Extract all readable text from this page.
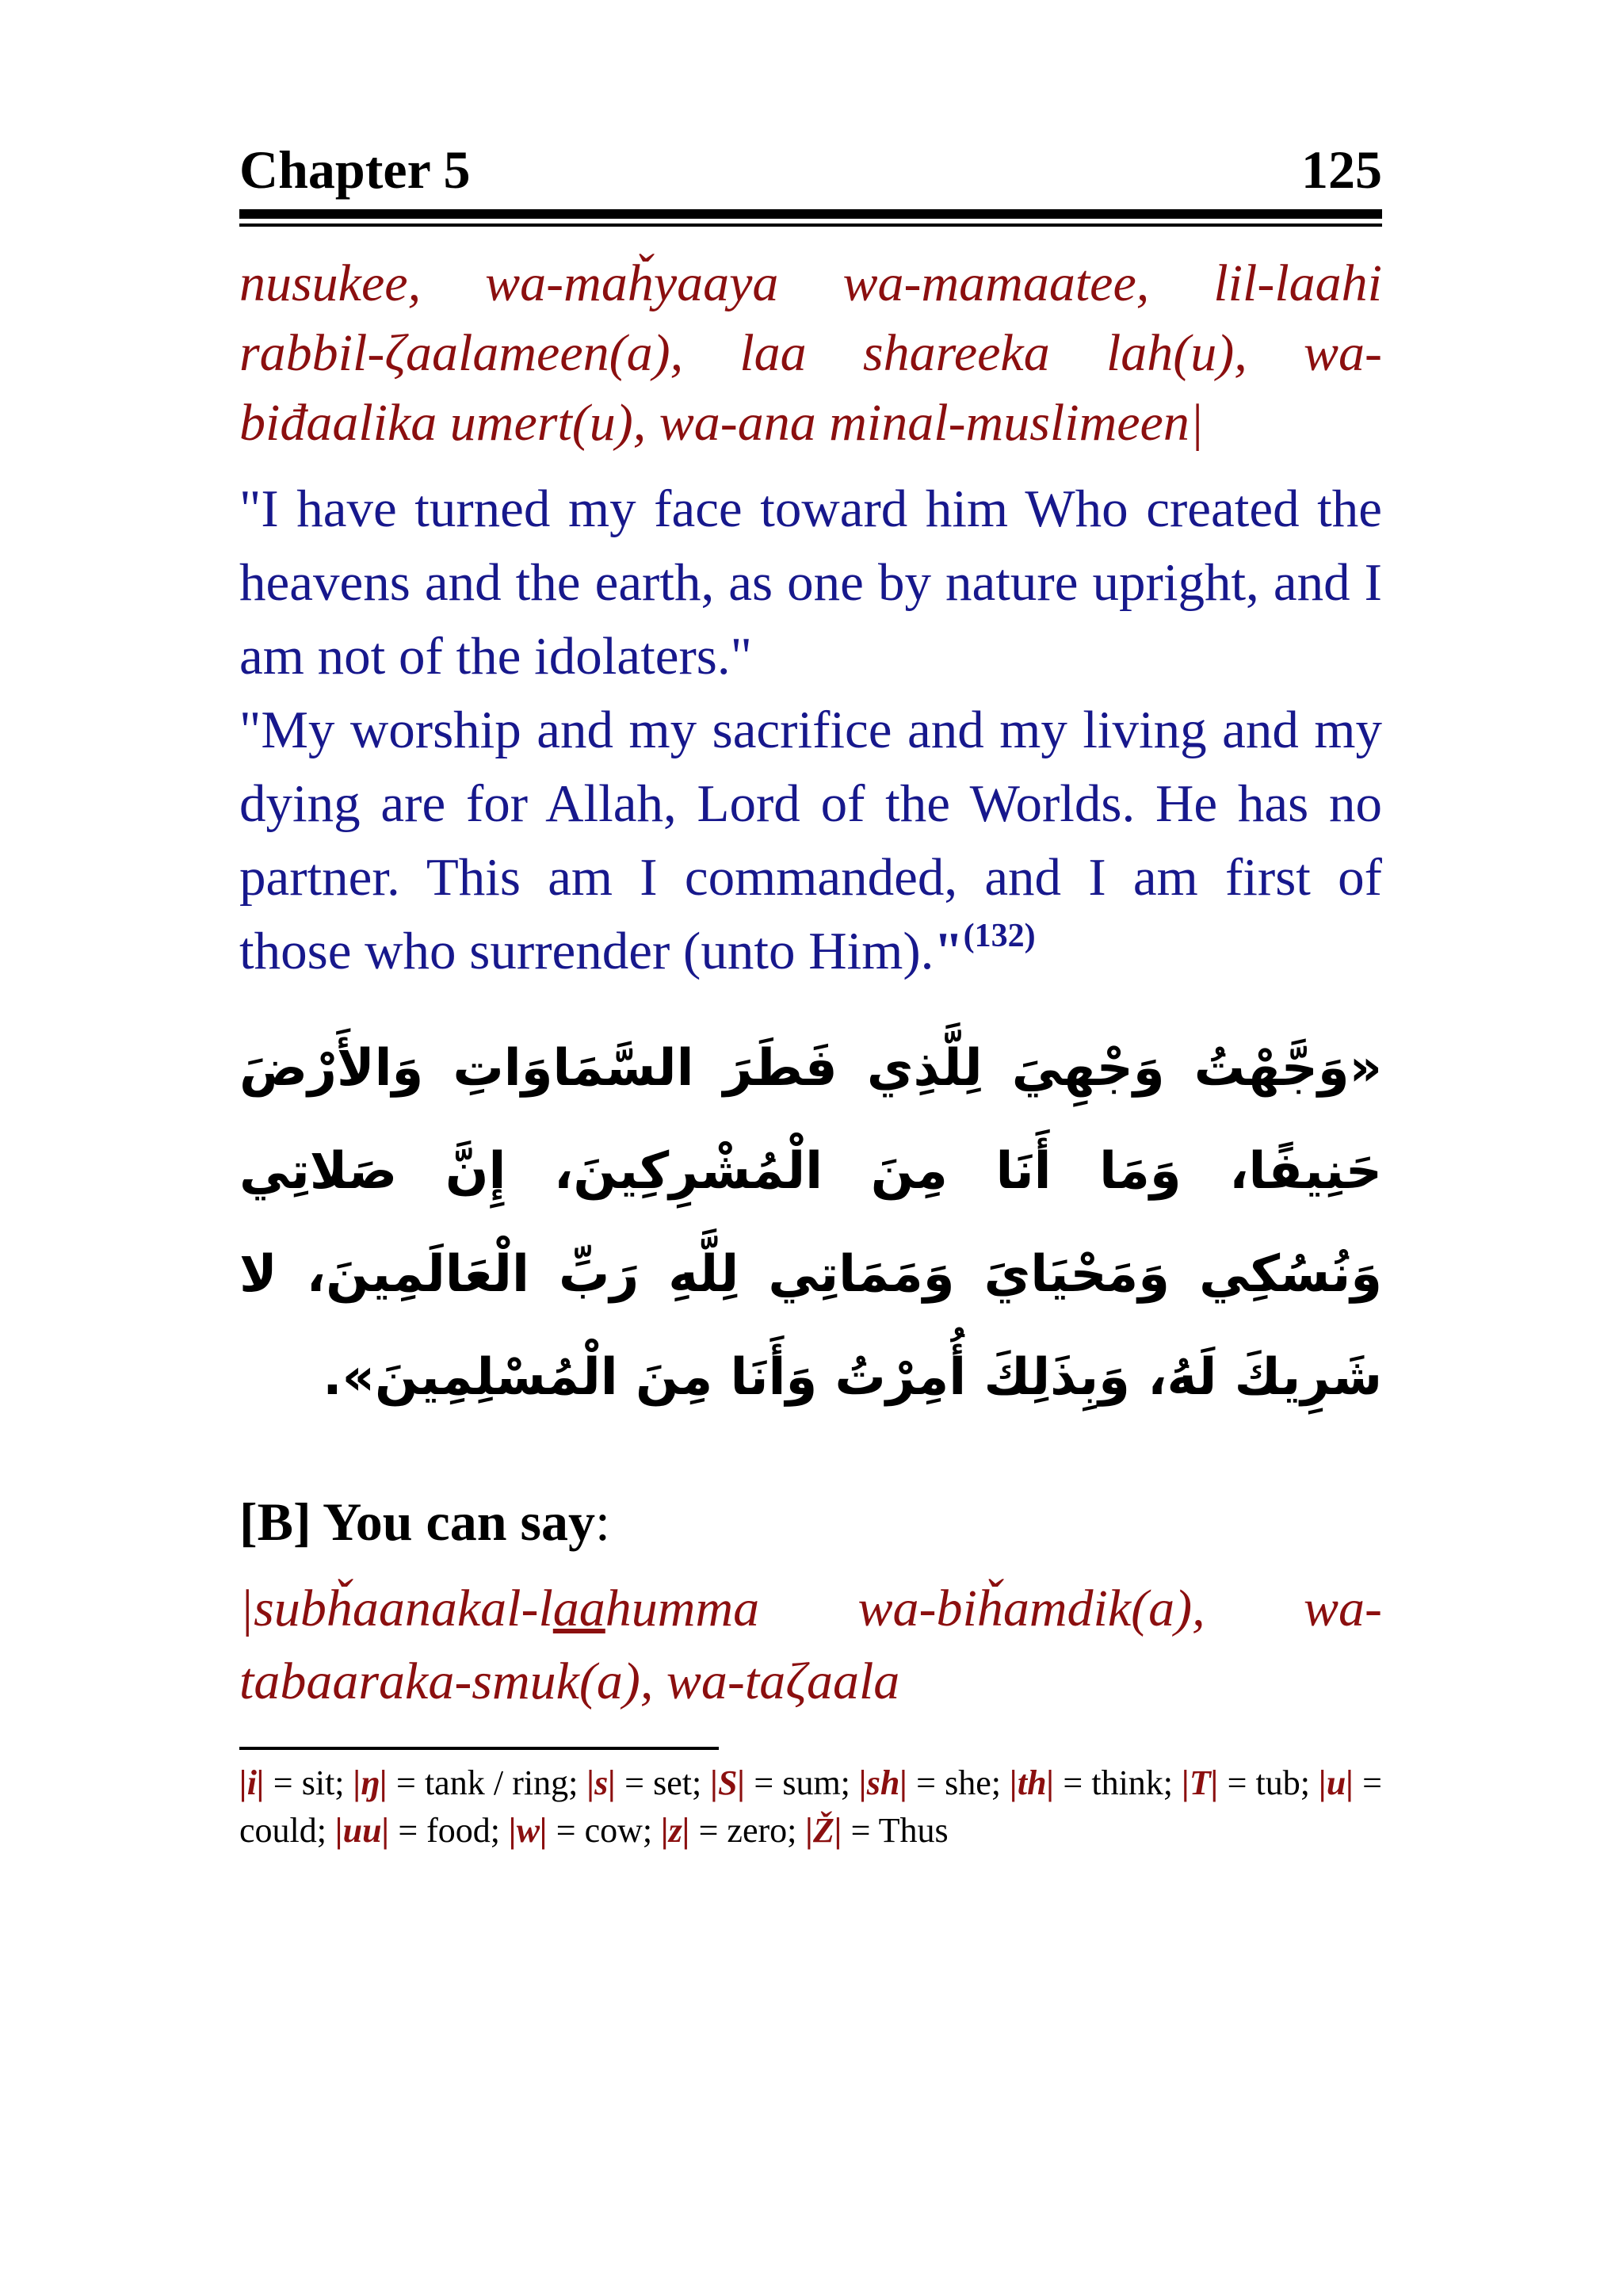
Chapter 5	125
nusukee, wa-maȟyaaya wa-mamaatee, lil-laahi rabbil-ζaalameen(a), laa shareeka lah(u), wa-biđaalika umert(u), wa-ana minal-muslimeen|

"I have turned my face toward him Who created the heavens and the earth, as one by nature upright, and I am not of the idolaters."

"My worship and my sacrifice and my living and my dying are for Allah, Lord of the Worlds. He has no partner. This am I commanded, and I am first of those who surrender (unto Him)."$^{(132)}$

«وَجَّهْتُ وَجْهِيَ لِلَّذِي فَطَرَ السَّمَاوَاتِ وَالأَرْضَ حَنِيفًا، وَمَا أَنَا مِنَ الْمُشْرِكِينَ، إِنَّ صَلاتِي وَنُسُكِي وَمَحْيَايَ وَمَمَاتِي لِلَّهِ رَبِّ الْعَالَمِينَ، لا شَرِيكَ لَهُ، وَبِذَلِكَ أُمِرْتُ وَأَنَا مِنَ الْمُسْلِمِينَ».
[B] You can say:
|subȟaanakal-laahumma wa-biȟamdik(a), wa-tabaaraka-smuk(a), wa-taζaala
|i| = sit; |ŋ| = tank / ring; |s| = set; |S| = sum; |sh| = she; |th| = think; |T| = tub; |u| = could; |uu| = food; |w| = cow; |z| = zero; |Ž| = Thus
